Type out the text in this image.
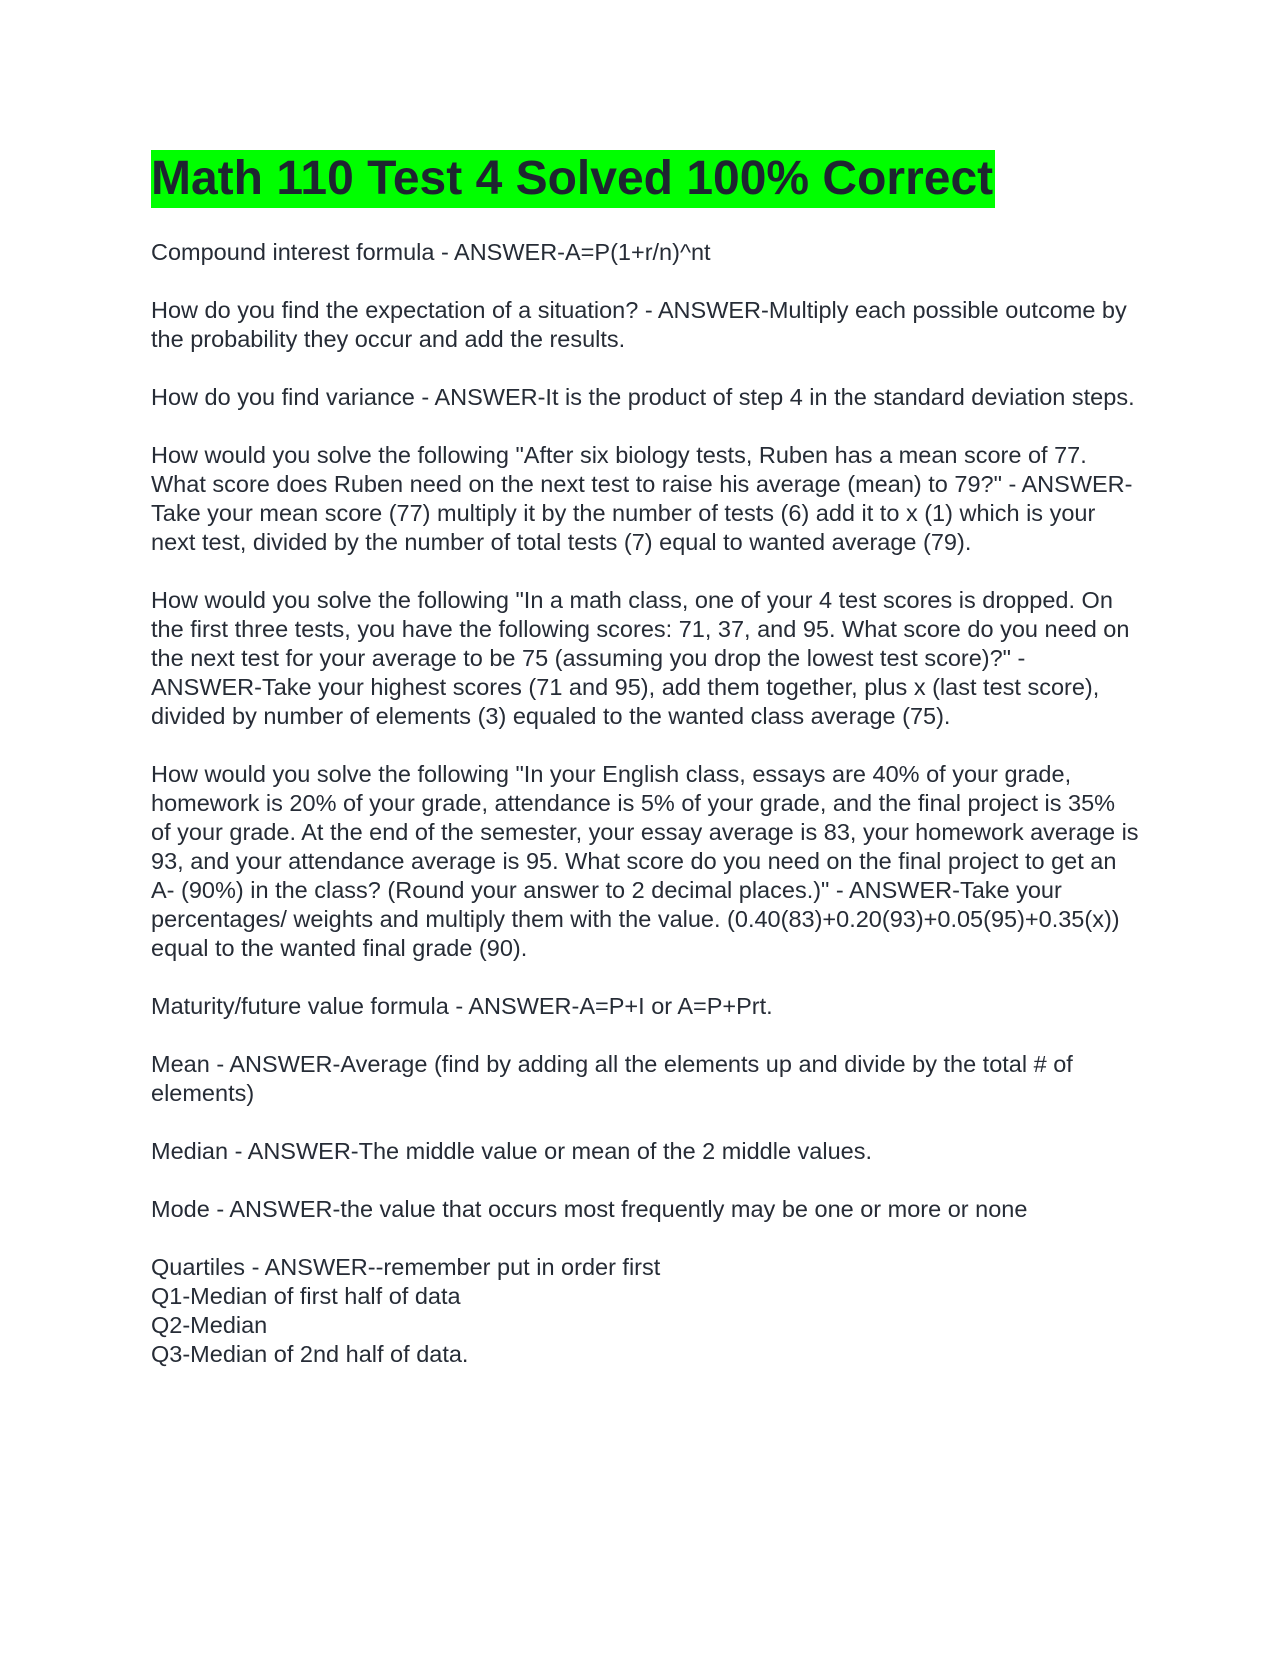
Math 110 Test 4 Solved 100% Correct

Compound interest formula - ANSWER-A=P(1+r/n)^nt

How do you find the expectation of a situation? - ANSWER-Multiply each possible outcome by the probability they occur and add the results.

How do you find variance - ANSWER-It is the product of step 4 in the standard deviation steps.

How would you solve the following "After six biology tests, Ruben has a mean score of 77. What score does Ruben need on the next test to raise his average (mean) to 79?" - ANSWER-Take your mean score (77) multiply it by the number of tests (6) add it to x (1) which is your next test, divided by the number of total tests (7) equal to wanted average (79).

How would you solve the following "In a math class, one of your 4 test scores is dropped. On the first three tests, you have the following scores: 71, 37, and 95. What score do you need on the next test for your average to be 75 (assuming you drop the lowest test score)?" - ANSWER-Take your highest scores (71 and 95), add them together, plus x (last test score), divided by number of elements (3) equaled to the wanted class average (75).

How would you solve the following "In your English class, essays are 40% of your grade, homework is 20% of your grade, attendance is 5% of your grade, and the final project is 35% of your grade. At the end of the semester, your essay average is 83, your homework average is 93, and your attendance average is 95. What score do you need on the final project to get an A- (90%) in the class? (Round your answer to 2 decimal places.)" - ANSWER-Take your percentages/ weights and multiply them with the value. (0.40(83)+0.20(93)+0.05(95)+0.35(x)) equal to the wanted final grade (90).

Maturity/future value formula - ANSWER-A=P+I or A=P+Prt.

Mean - ANSWER-Average (find by adding all the elements up and divide by the total # of elements)

Median - ANSWER-The middle value or mean of the 2 middle values.

Mode - ANSWER-the value that occurs most frequently may be one or more or none

Quartiles - ANSWER--remember put in order first
Q1-Median of first half of data
Q2-Median
Q3-Median of 2nd half of data.
